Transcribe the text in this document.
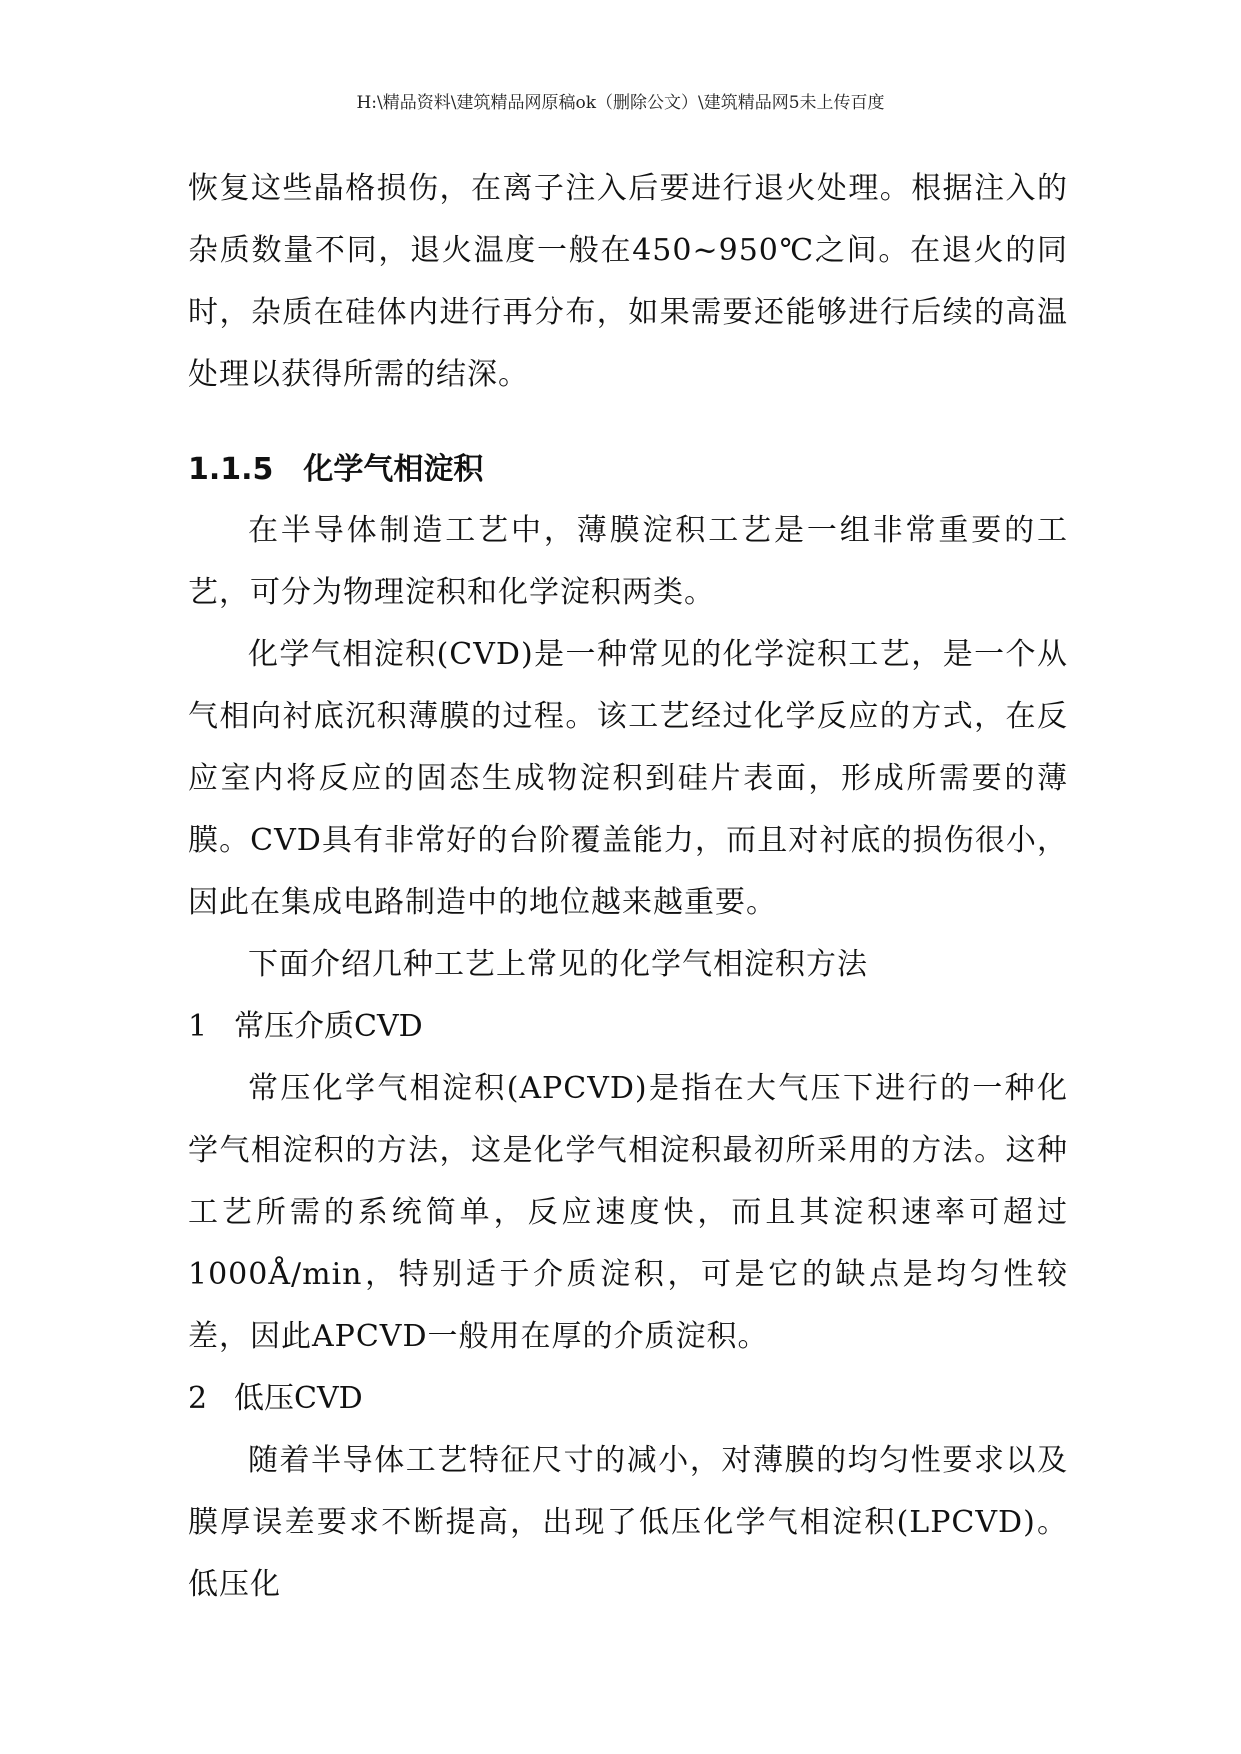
H:\精品资料\建筑精品网原稿ok（删除公文）\建筑精品网5未上传百度

恢复这些晶格损伤，在离子注入后要进行退火处理。根据注入的杂质数量不同，退火温度一般在450~950℃之间。在退火的同时，杂质在硅体内进行再分布，如果需要还能够进行后续的高温处理以获得所需的结深。

1.1.5　化学气相淀积

在半导体制造工艺中，薄膜淀积工艺是一组非常重要的工艺，可分为物理淀积和化学淀积两类。

化学气相淀积(CVD)是一种常见的化学淀积工艺，是一个从气相向衬底沉积薄膜的过程。该工艺经过化学反应的方式，在反应室内将反应的固态生成物淀积到硅片表面，形成所需要的薄膜。CVD具有非常好的台阶覆盖能力，而且对衬底的损伤很小，因此在集成电路制造中的地位越来越重要。

下面介绍几种工艺上常见的化学气相淀积方法

1 常压介质CVD

常压化学气相淀积(APCVD)是指在大气压下进行的一种化学气相淀积的方法，这是化学气相淀积最初所采用的方法。这种工艺所需的系统简单，反应速度快，而且其淀积速率可超过1000Å/min，特别适于介质淀积，可是它的缺点是均匀性较差，因此APCVD一般用在厚的介质淀积。

2 低压CVD

随着半导体工艺特征尺寸的减小，对薄膜的均匀性要求以及膜厚误差要求不断提高，出现了低压化学气相淀积(LPCVD)。低压化
